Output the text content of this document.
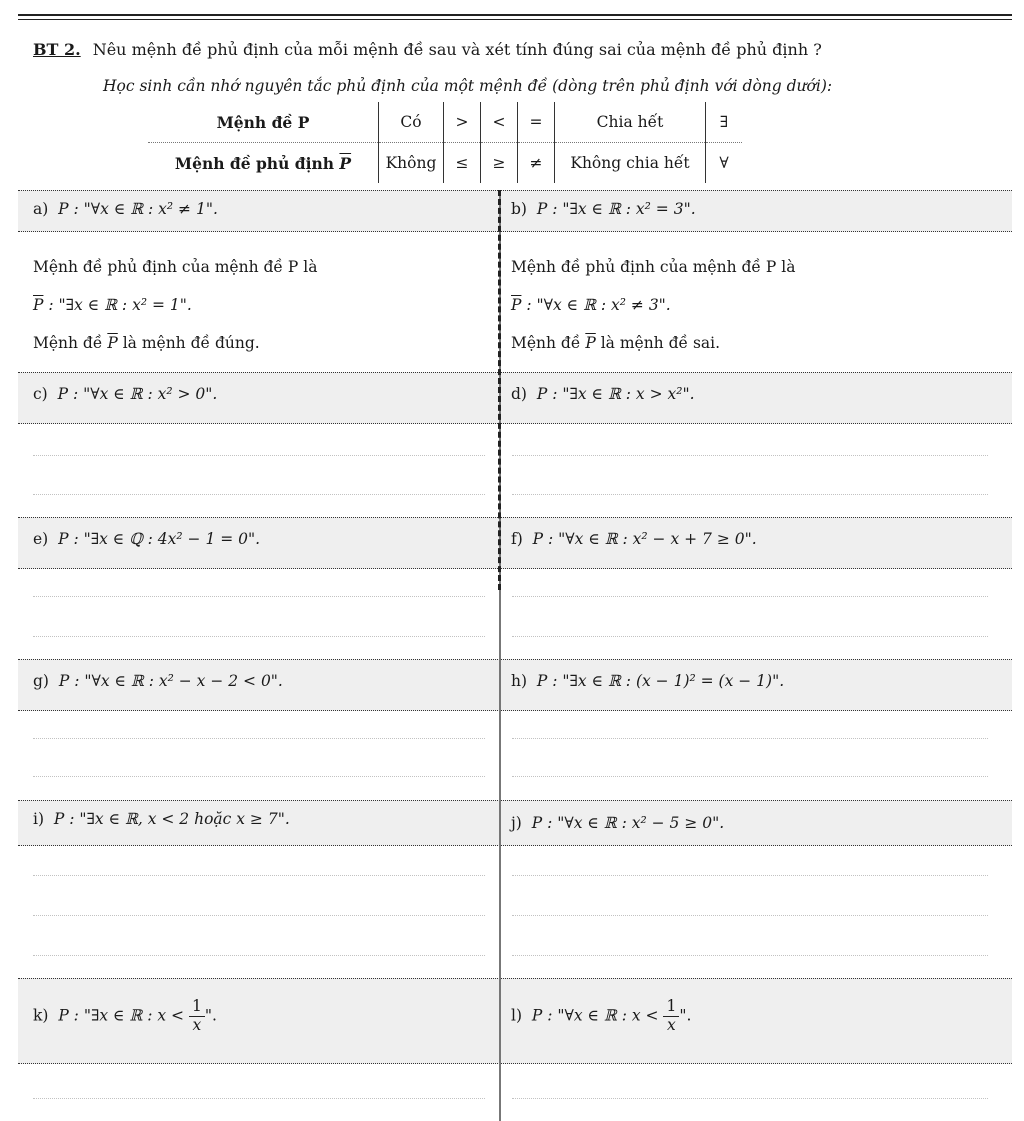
BT 2. Nêu mệnh đề phủ định của mỗi mệnh đề sau và xét tính đúng sai của mệnh đề phủ định ?
Học sinh cần nhớ nguyên tắc phủ định của một mệnh đề (dòng trên phủ định với dòng dưới):
Mệnh đề P	Có	>	<	=	Chia hết	∃
Mệnh đề phủ định $\overline{P}$	Không	≤	≥	≠	Không chia hết	∀
a) P : "∀x ∈ ℝ : x² ≠ 1".	b) P : "∃x ∈ ℝ : x² = 3".
Mệnh đề phủ định của mệnh đề P là
$\overline{P}$ : "∃x ∈ ℝ : x² = 1".
Mệnh đề $\overline{P}$ là mệnh đề đúng.
Mệnh đề phủ định của mệnh đề P là
$\overline{P}$ : "∀x ∈ ℝ : x² ≠ 3".
Mệnh đề $\overline{P}$ là mệnh đề sai.
c) P : "∀x ∈ ℝ : x² > 0".	d) P : "∃x ∈ ℝ : x > x²".
e) P : "∃x ∈ ℚ : 4x² − 1 = 0".	f) P : "∀x ∈ ℝ : x² − x + 7 ≥ 0".
g) P : "∀x ∈ ℝ : x² − x − 2 < 0".	h) P : "∃x ∈ ℝ : (x − 1)² = (x − 1)".
i) P : "∃x ∈ ℝ, x < 2 hoặc x ≥ 7".	j) P : "∀x ∈ ℝ : x² − 5 ≥ 0".
k) P : "∃x ∈ ℝ : $x < \frac{1}{x}$ ".	l) P : "∀x ∈ ℝ : $x < \frac{1}{x}$ ".
